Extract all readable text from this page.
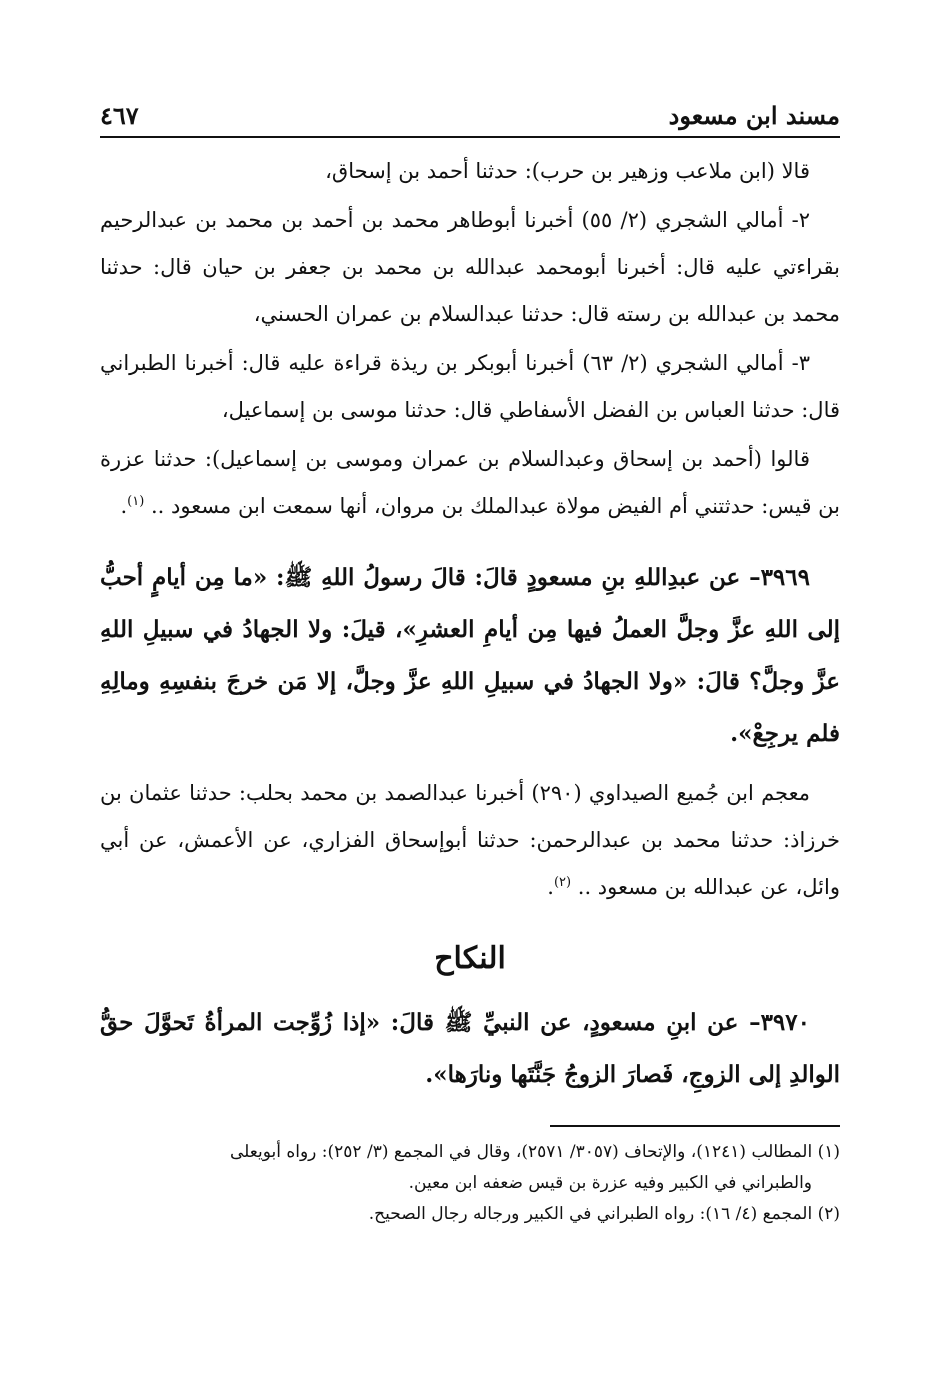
مسند ابن مسعود
٤٦٧

قالا (ابن ملاعب وزهير بن حرب): حدثنا أحمد بن إسحاق،

٢- أمالي الشجري (٢/ ٥٥) أخبرنا أبوطاهر محمد بن أحمد بن محمد بن عبدالرحيم بقراءتي عليه قال: أخبرنا أبومحمد عبدالله بن محمد بن جعفر بن حيان قال: حدثنا محمد بن عبدالله بن رسته قال: حدثنا عبدالسلام بن عمران الحسني،

٣- أمالي الشجري (٢/ ٦٣) أخبرنا أبوبكر بن ريذة قراءة عليه قال: أخبرنا الطبراني قال: حدثنا العباس بن الفضل الأسفاطي قال: حدثنا موسى بن إسماعيل،

قالوا (أحمد بن إسحاق وعبدالسلام بن عمران وموسى بن إسماعيل): حدثنا عزرة بن قيس: حدثتني أم الفيض مولاة عبدالملك بن مروان، أنها سمعت ابن مسعود .. $^{(١)}$.

٣٩٦٩– عن عبدِاللهِ بنِ مسعودٍ قالَ: قالَ رسولُ اللهِ ﷺ: «ما مِن أيامٍ أحبُّ إلى اللهِ عزَّ وجلَّ العملُ فيها مِن أيامِ العشرِ»، قيلَ: ولا الجهادُ في سبيلِ اللهِ عزَّ وجلَّ؟ قالَ: «ولا الجهادُ في سبيلِ اللهِ عزَّ وجلَّ، إلا مَن خرجَ بنفسِهِ ومالِهِ فلم يرجِعْ».

معجم ابن جُميع الصيداوي (٢٩٠) أخبرنا عبدالصمد بن محمد بحلب: حدثنا عثمان بن خرزاذ: حدثنا محمد بن عبدالرحمن: حدثنا أبوإسحاق الفزاري، عن الأعمش، عن أبي وائل، عن عبدالله بن مسعود .. $^{(٢)}$.

النكاح

٣٩٧٠– عن ابنِ مسعودٍ، عن النبيِّ ﷺ قالَ: «إذا زُوِّجت المرأةُ تَحوَّلَ حقُّ الوالدِ إلى الزوجِ، فَصارَ الزوجُ جَنَّتَها ونارَها».

(١) المطالب (١٢٤١)، والإتحاف (٣٠٥٧/ ٢٥٧١)، وقال في المجمع (٣/ ٢٥٢): رواه أبويعلى

والطبراني في الكبير وفيه عزرة بن قيس ضعفه ابن معين.

(٢) المجمع (٤/ ١٦): رواه الطبراني في الكبير ورجاله رجال الصحيح.
